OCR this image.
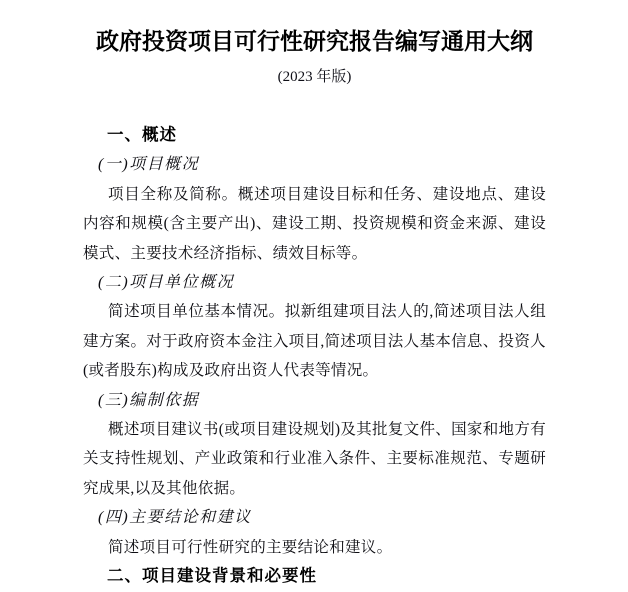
政府投资项目可行性研究报告编写通用大纲
(2023 年版)
一、概述
(一)项目概况
项目全称及简称。概述项目建设目标和任务、建设地点、建设内容和规模(含主要产出)、建设工期、投资规模和资金来源、建设模式、主要技术经济指标、绩效目标等。
(二)项目单位概况
简述项目单位基本情况。拟新组建项目法人的,简述项目法人组建方案。对于政府资本金注入项目,简述项目法人基本信息、投资人(或者股东)构成及政府出资人代表等情况。
(三)编制依据
概述项目建议书(或项目建设规划)及其批复文件、国家和地方有关支持性规划、产业政策和行业准入条件、主要标准规范、专题研究成果,以及其他依据。
(四)主要结论和建议
简述项目可行性研究的主要结论和建议。
二、项目建设背景和必要性
